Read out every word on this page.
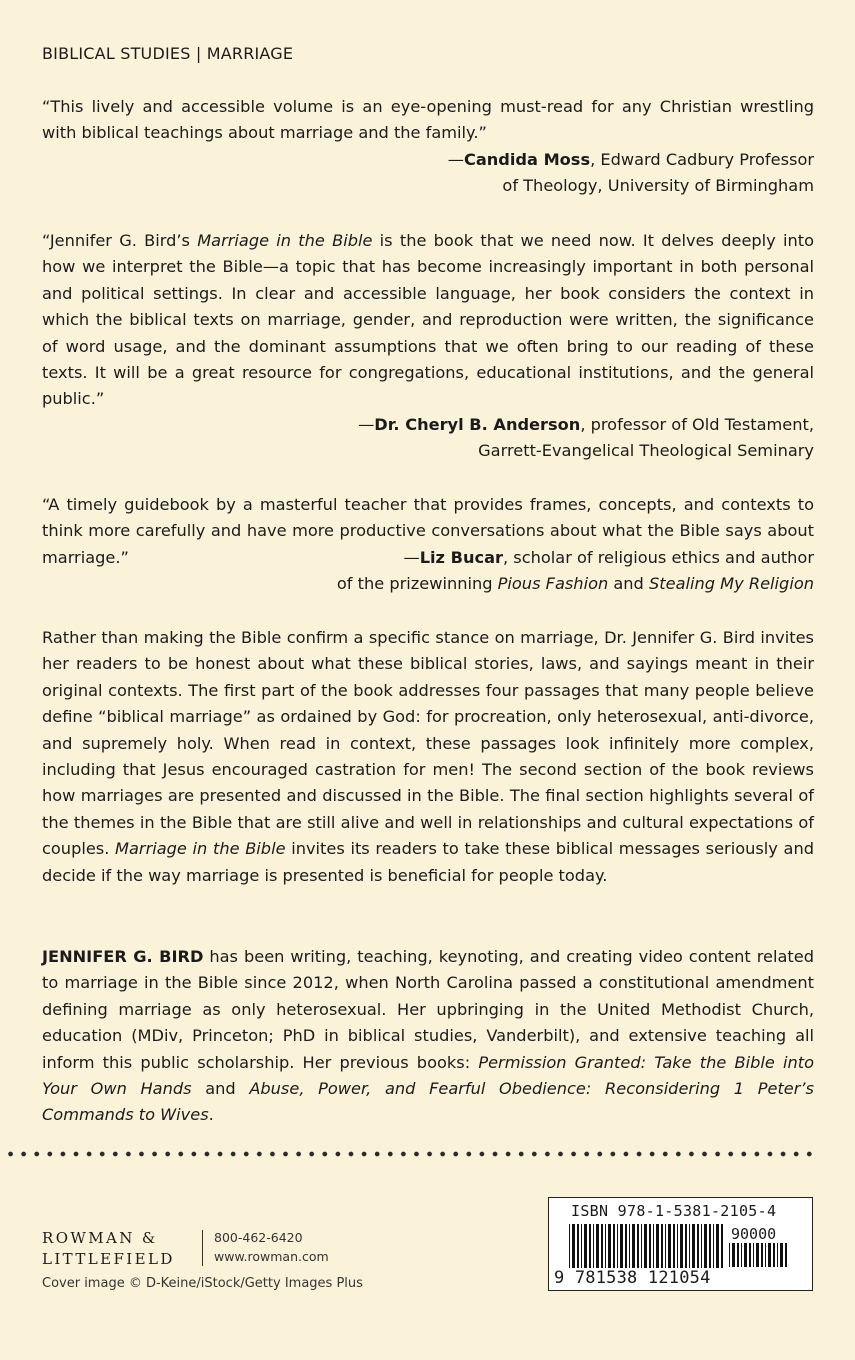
BIBLICAL STUDIES | MARRIAGE

“This lively and accessible volume is an eye-opening must-read for any Christian wrestling with biblical teachings about marriage and the family.”

—Candida Moss, Edward Cadbury Professor
of Theology, University of Birmingham

“Jennifer G. Bird’s Marriage in the Bible is the book that we need now. It delves deeply into how we interpret the Bible—a topic that has become increasingly important in both personal and political settings. In clear and accessible language, her book considers the context in which the biblical texts on marriage, gender, and reproduction were written, the significance of word usage, and the dominant assumptions that we often bring to our reading of these texts. It will be a great resource for congregations, educational institutions, and the general public.”

—Dr. Cheryl B. Anderson, professor of Old Testament,
Garrett-Evangelical Theological Seminary

“A timely guidebook by a masterful teacher that provides frames, concepts, and contexts to think more carefully and have more productive conversations about what the Bible says about marriage.”	—Liz Bucar, scholar of religious ethics and author
of the prizewinning Pious Fashion and Stealing My Religion

Rather than making the Bible confirm a specific stance on marriage, Dr. Jennifer G. Bird invites her readers to be honest about what these biblical stories, laws, and sayings meant in their original contexts. The first part of the book addresses four passages that many people believe define “biblical marriage” as ordained by God: for procreation, only heterosexual, anti-divorce, and supremely holy. When read in context, these passages look infinitely more complex, including that Jesus encouraged castration for men! The second section of the book reviews how marriages are presented and discussed in the Bible. The final section highlights several of the themes in the Bible that are still alive and well in relationships and cultural expectations of couples. Marriage in the Bible invites its readers to take these biblical messages seriously and decide if the way marriage is presented is beneficial for people today.

JENNIFER G. BIRD has been writing, teaching, keynoting, and creating video content related to marriage in the Bible since 2012, when North Carolina passed a constitutional amendment defining marriage as only heterosexual. Her upbringing in the United Methodist Church, education (MDiv, Princeton; PhD in biblical studies, Vanderbilt), and extensive teaching all inform this public scholarship. Her previous books: Permission Granted: Take the Bible into Your Own Hands and Abuse, Power, and Fearful Obedience: Reconsidering 1 Peter’s Commands to Wives.

ROWMAN &
LITTLEFIELD
800-462-6420
www.rowman.com
Cover image © D-Keine/iStock/Getty Images Plus
ISBN 978-1-5381-2105-4
90000
9 781538 121054
